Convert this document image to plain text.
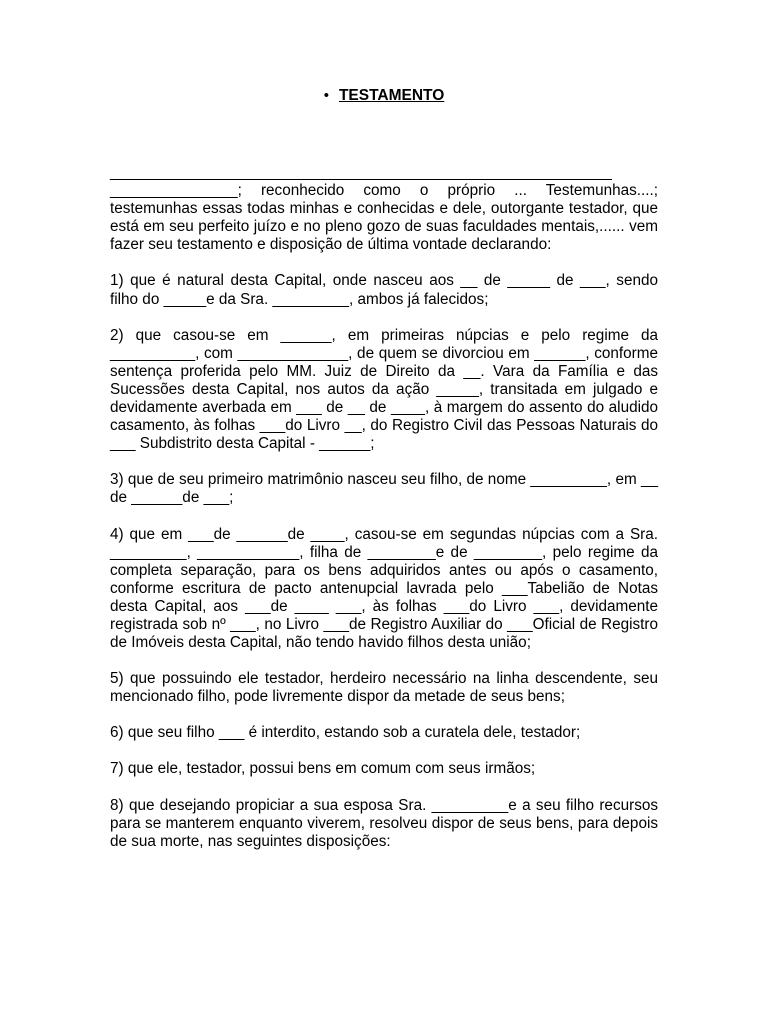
• TESTAMENTO

___________________________________________________________ _______________; reconhecido como o próprio ... Testemunhas....; testemunhas essas todas minhas e conhecidas e dele, outorgante testador, que está em seu perfeito juízo e no pleno gozo de suas faculdades mentais,...... vem fazer seu testamento e disposição de última vontade declarando:

1) que é natural desta Capital, onde nasceu aos __ de _____ de ___, sendo filho do _____e da Sra. _________, ambos já falecidos;

2) que casou-se em ______, em primeiras núpcias e pelo regime da __________, com _____________, de quem se divorciou em ______, conforme sentença proferida pelo MM. Juiz de Direito da __. Vara da Família e das Sucessões desta Capital, nos autos da ação _____, transitada em julgado e devidamente averbada em ___ de __ de ____, à margem do assento do aludido casamento, às folhas ___do Livro __, do Registro Civil das Pessoas Naturais do ___ Subdistrito desta Capital - ______;

3) que de seu primeiro matrimônio nasceu seu filho, de nome _________, em __ de ______de ___;

4) que em ___de ______de ____, casou-se em segundas núpcias com a Sra. _________, ____________, filha de ________e de ________, pelo regime da completa separação, para os bens adquiridos antes ou após o casamento, conforme escritura de pacto antenupcial lavrada pelo ___Tabelião de Notas desta Capital, aos ___de ____ ___, às folhas ___do Livro ___, devidamente registrada sob nº ___, no Livro ___de Registro Auxiliar do ___Oficial de Registro de Imóveis desta Capital, não tendo havido filhos desta união;

5) que possuindo ele testador, herdeiro necessário na linha descendente, seu mencionado filho, pode livremente dispor da metade de seus bens;

6) que seu filho ___ é interdito, estando sob a curatela dele, testador;

7) que ele, testador, possui bens em comum com seus irmãos;

8) que desejando propiciar a sua esposa Sra. _________e a seu filho recursos para se manterem enquanto viverem, resolveu dispor de seus bens, para depois de sua morte, nas seguintes disposições:
